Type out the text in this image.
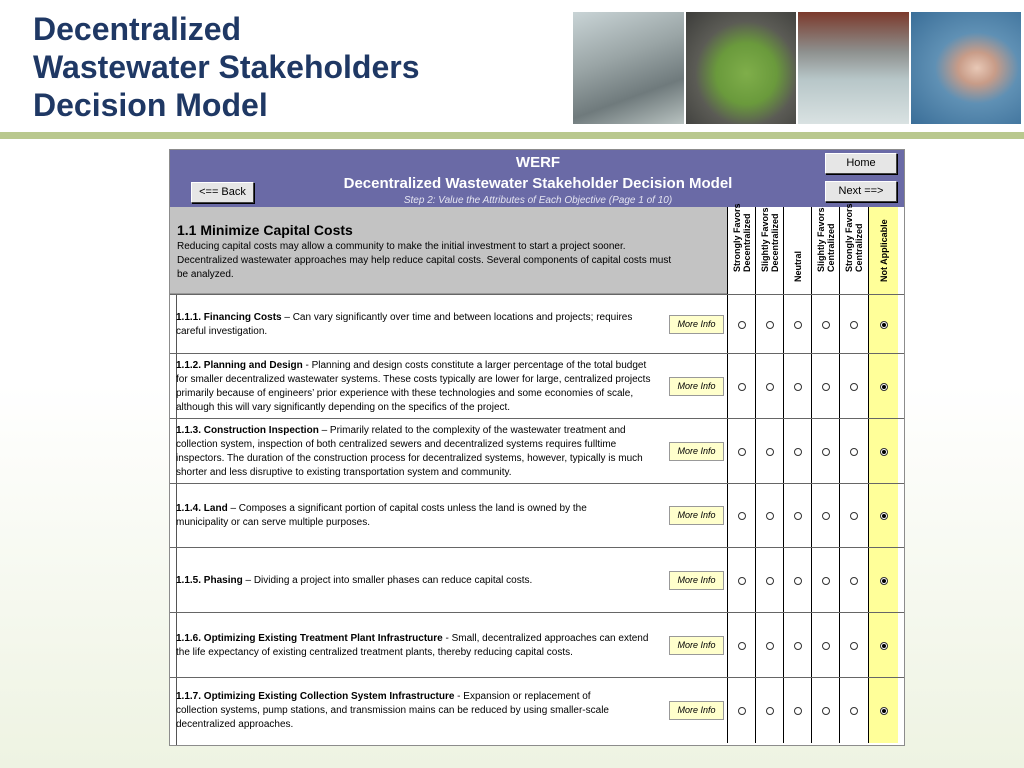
Decentralized
Wastewater Stakeholders
Decision Model
WERF
Decentralized Wastewater Stakeholder Decision Model
Step 2: Value the Attributes of Each Objective (Page 1 of 10)
Home
<== Back	Next ==>
1.1 Minimize Capital Costs
Reducing capital costs may allow a community to make the initial investment to start a project sooner. Decentralized wastewater approaches may help reduce capital costs. Several components of capital costs must be analyzed.
Strongly Favors Decentralized Slightly Favors Decentralized Neutral Slightly Favors Centralized Strongly Favors Centralized Not Applicable
1.1.1. Financing Costs – Can vary significantly over time and between locations and projects; requires careful investigation.
More Info
1.1.2. Planning and Design - Planning and design costs constitute a larger percentage of the total budget for smaller decentralized wastewater systems. These costs typically are lower for large, centralized projects primarily because of engineers’ prior experience with these technologies and some economies of scale, although this will vary significantly depending on the specifics of the project.
More Info
1.1.3. Construction Inspection – Primarily related to the complexity of the wastewater treatment and collection system, inspection of both centralized sewers and decentralized systems requires fulltime inspectors. The duration of the construction process for decentralized systems, however, typically is much shorter and less disruptive to existing transportation system and community.
More Info
1.1.4. Land – Composes a significant portion of capital costs unless the land is owned by the municipality or can serve multiple purposes.
More Info
1.1.5. Phasing – Dividing a project into smaller phases can reduce capital costs.	More Info
1.1.6. Optimizing Existing Treatment Plant Infrastructure - Small, decentralized approaches can extend the life expectancy of existing centralized treatment plants, thereby reducing capital costs.
More Info
1.1.7. Optimizing Existing Collection System Infrastructure - Expansion or replacement of collection systems, pump stations, and transmission mains can be reduced by using smaller-scale decentralized approaches.
More Info
